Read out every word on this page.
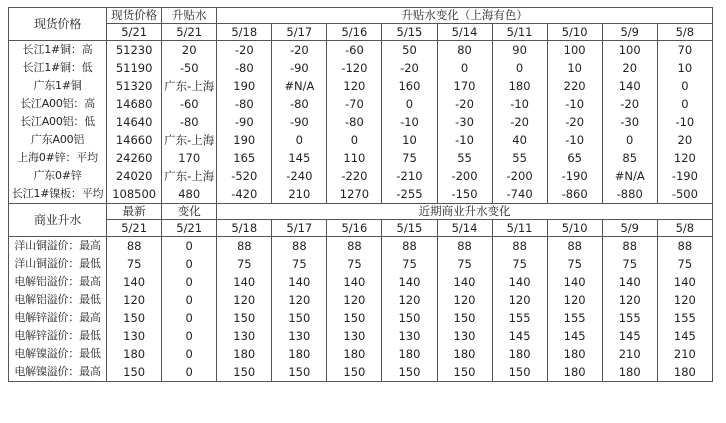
现货价格	现货价格	升贴水	升贴水变化（上海有色）								
	5/21	5/21	5/18	5/17	5/16	5/15	5/14	5/11	5/10	5/9	5/8
长江1#铜：高	51230	20	-20	-20	-60	50	80	90	100	100	70
长江1#铜：低	51190	-50	-80	-90	-120	-20	0	0	10	20	10
广东1#铜	51320	广东-上海	190	#N/A	120	160	170	180	220	140	0
长江A00铝：高	14680	-60	-80	-80	-70	0	-20	-10	-10	-20	0
长江A00铝：低	14640	-80	-90	-90	-80	-10	-30	-20	-20	-30	-10
广东A00铝	14660	广东-上海	190	0	0	10	-10	40	-10	0	20
上海0#锌：平均	24260	170	165	145	110	75	55	55	65	85	120
广东0#锌	24020	广东-上海	-520	-240	-220	-210	-200	-200	-190	#N/A	-190
长江1#镍板：平均	108500	480	-420	210	1270	-255	-150	-740	-860	-880	-500
商业升水	最新	变化	近期商业升水变化								
	5/21	5/21	5/18	5/17	5/16	5/15	5/14	5/11	5/10	5/9	5/8
洋山铜溢价：最高	88	0	88	88	88	88	88	88	88	88	88
洋山铜溢价：最低	75	0	75	75	75	75	75	75	75	75	75
电解铝溢价：最高	140	0	140	140	140	140	140	140	140	140	140
电解铝溢价：最低	120	0	120	120	120	120	120	120	120	120	120
电解锌溢价：最高	150	0	150	150	150	150	150	155	155	155	155
电解锌溢价：最低	130	0	130	130	130	130	130	145	145	145	145
电解镍溢价：最低	180	0	180	180	180	180	180	180	180	210	210
电解镍溢价：最高	150	0	150	150	150	150	150	150	180	180	180
